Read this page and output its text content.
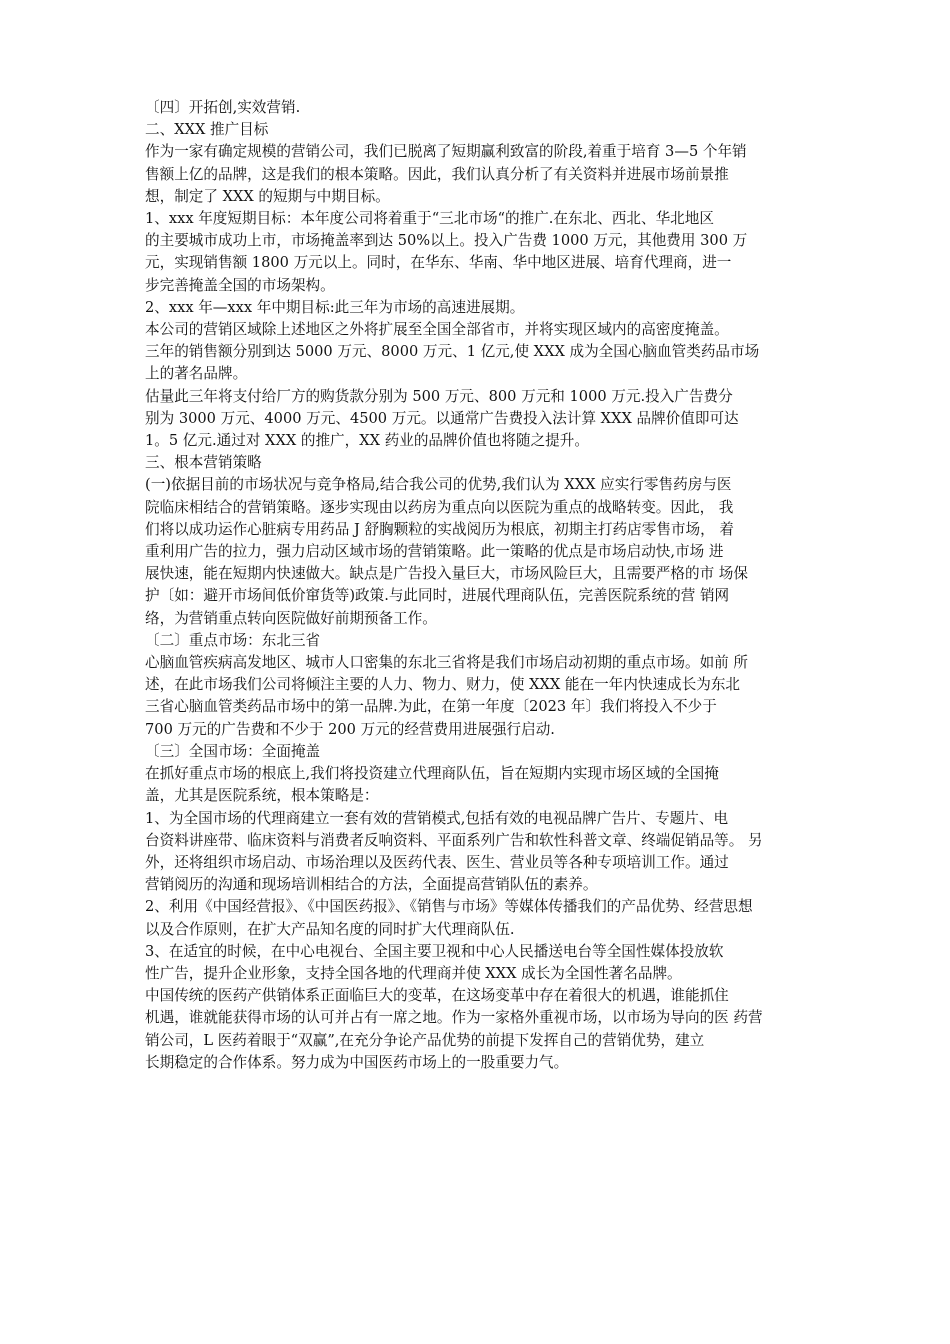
〔四〕开拓创,实效营销.

二、XXX 推广目标

作为一家有确定规模的营销公司，我们已脱离了短期赢利致富的阶段,着重于培育 3—5 个年销

售额上亿的品牌，这是我们的根本策略。因此，我们认真分析了有关资料并进展市场前景推

想，制定了 XXX 的短期与中期目标。

1、xxx 年度短期目标：本年度公司将着重于“三北市场“的推广.在东北、西北、华北地区

的主要城市成功上市，市场掩盖率到达 50%以上。投入广告费 1000 万元，其他费用 300 万

元，实现销售额 1800 万元以上。同时，在华东、华南、华中地区进展、培育代理商，进一

步完善掩盖全国的市场架构。

2、xxx 年—xxx 年中期目标:此三年为市场的高速进展期。

本公司的营销区域除上述地区之外将扩展至全国全部省市，并将实现区域内的高密度掩盖。

三年的销售额分别到达 5000 万元、8000 万元、1 亿元,使 XXX 成为全国心脑血管类药品市场

上的著名品牌。

估量此三年将支付给厂方的购货款分别为 500 万元、800 万元和 1000 万元.投入广告费分

别为 3000 万元、4000 万元、4500 万元。以通常广告费投入法计算 XXX 品牌价值即可达

1。5 亿元.通过对 XXX 的推广，XX 药业的品牌价值也将随之提升。

三、根本营销策略

(一)依据目前的市场状况与竞争格局,结合我公司的优势,我们认为 XXX 应实行零售药房与医

院临床相结合的营销策略。逐步实现由以药房为重点向以医院为重点的战略转变。因此， 我

们将以成功运作心脏病专用药品 J 舒胸颗粒的实战阅历为根底，初期主打药店零售市场， 着

重利用广告的拉力，强力启动区域市场的营销策略。此一策略的优点是市场启动快,市场 进

展快速，能在短期内快速做大。缺点是广告投入量巨大，市场风险巨大，且需要严格的市 场保

护〔如：避开市场间低价窜货等)政策.与此同时，进展代理商队伍，完善医院系统的营 销网

络，为营销重点转向医院做好前期预备工作。

〔二〕重点市场：东北三省

心脑血管疾病高发地区、城市人口密集的东北三省将是我们市场启动初期的重点市场。如前 所

述，在此市场我们公司将倾注主要的人力、物力、财力，使 XXX 能在一年内快速成长为东北

三省心脑血管类药品市场中的第一品牌.为此，在第一年度〔2023 年〕我们将投入不少于

700 万元的广告费和不少于 200 万元的经营费用进展强行启动.

〔三〕全国市场：全面掩盖

在抓好重点市场的根底上,我们将投资建立代理商队伍，旨在短期内实现市场区域的全国掩

盖，尤其是医院系统，根本策略是：

1、为全国市场的代理商建立一套有效的营销模式,包括有效的电视品牌广告片、专题片、电

台资料讲座带、临床资料与消费者反响资料、平面系列广告和软性科普文章、终端促销品等。 另

外，还将组织市场启动、市场治理以及医药代表、医生、营业员等各种专项培训工作。通过

营销阅历的沟通和现场培训相结合的方法，全面提高营销队伍的素养。

2、利用《中国经营报》、《中国医药报》、《销售与市场》等媒体传播我们的产品优势、经营思想

以及合作原则，在扩大产品知名度的同时扩大代理商队伍.

3、在适宜的时候，在中心电视台、全国主要卫视和中心人民播送电台等全国性媒体投放软

性广告，提升企业形象，支持全国各地的代理商并使 XXX 成长为全国性著名品牌。

中国传统的医药产供销体系正面临巨大的变革，在这场变革中存在着很大的机遇，谁能抓住

机遇，谁就能获得市场的认可并占有一席之地。作为一家格外重视市场，以市场为导向的医 药营

销公司，L 医药着眼于“双赢”,在充分争论产品优势的前提下发挥自己的营销优势，建立

长期稳定的合作体系。努力成为中国医药市场上的一股重要力气。
